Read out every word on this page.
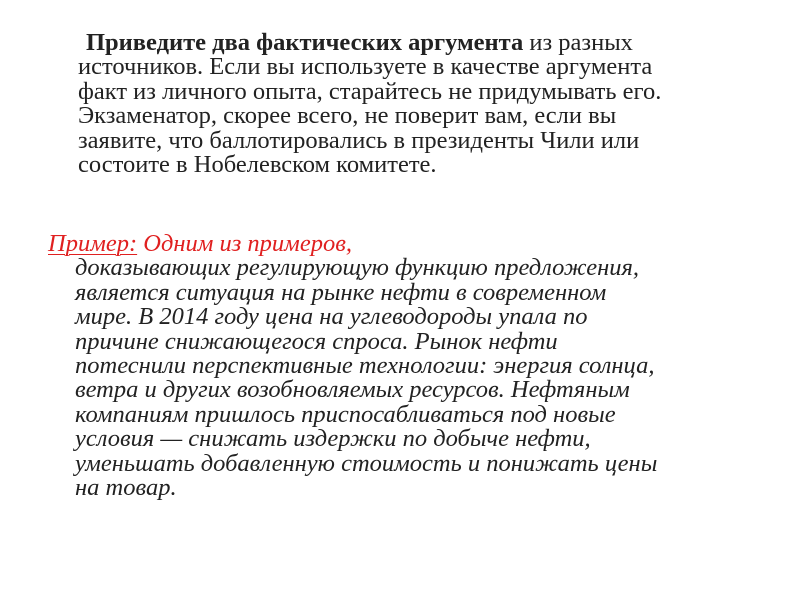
Приведите два фактических аргумента из разных
источников. Если вы используете в качестве аргумента
факт из личного опыта, старайтесь не придумывать его.
Экзаменатор, скорее всего, не поверит вам, если вы
заявите, что баллотировались в президенты Чили или
состоите в Нобелевском комитете.

Пример: Одним из примеров,
доказывающих регулирующую функцию предложения,
является ситуация на рынке нефти в современном
мире. В 2014 году цена на углеводороды упала по
причине снижающегося спроса. Рынок нефти
потеснили перспективные технологии: энергия солнца,
ветра и других возобновляемых ресурсов. Нефтяным
компаниям пришлось приспосабливаться под новые
условия — снижать издержки по добыче нефти,
уменьшать добавленную стоимость и понижать цены
на товар.
